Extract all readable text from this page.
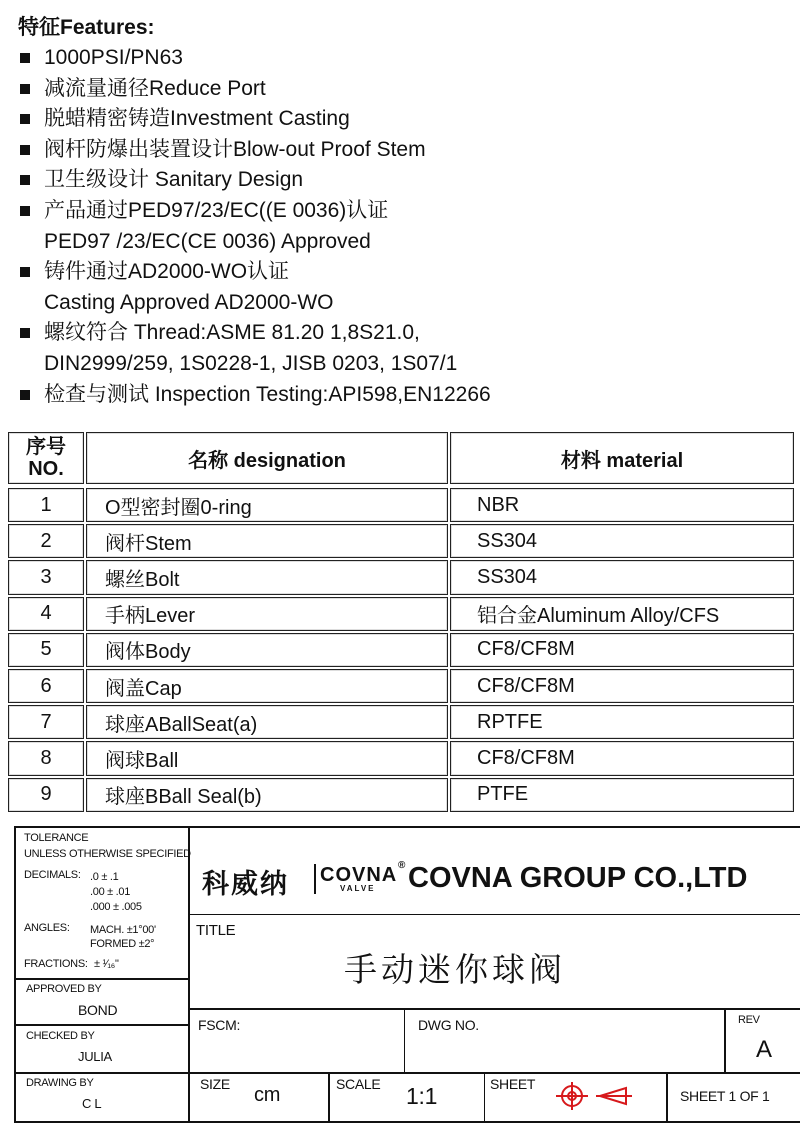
特征Features:
1000PSI/PN63
减流量通径Reduce Port
脱蜡精密铸造Investment Casting
阀杆防爆出装置设计Blow-out Proof Stem
卫生级设计 Sanitary Design
产品通过PED97/23/EC((E 0036)认证
PED97 /23/EC(CE 0036) Approved
铸件通过AD2000-WO认证
Casting Approved AD2000-WO
螺纹符合 Thread:ASME 81.20 1,8S21.0,
DIN2999/259, 1S0228-1, JISB 0203, 1S07/1
检查与测试 Inspection Testing:API598,EN12266
序号
NO.	名称 designation	材料 material
1	O型密封圈0-ring	NBR
2	阀杆Stem	SS304
3	螺丝Bolt	SS304
4	手柄Lever	铝合金Aluminum Alloy/CFS
5	阀体Body	CF8/CF8M
6	阀盖Cap	CF8/CF8M
7	球座ABallSeat(a)	RPTFE
8	阀球Ball	CF8/CF8M
9	球座BBall Seal(b)	PTFE
TOLERANCE
UNLESS OTHERWISE SPECIFIED
DECIMALS: .0 ± .1
.00 ± .01
.000 ± .005
ANGLES: MACH. ±1°00'
FORMED ±2°
FRACTIONS: ± ¹⁄₁₆"
APPROVED BY
BOND
CHECKED BY
JULIA
DRAWING BY
C L
科威纳 COVNA ®
VALVE COVNA GROUP CO.,LTD
TITLE
手动迷你球阀
FSCM:	DWG NO.	REV
A
SIZE cm	SCALE 1:1	SHEET
SHEET 1 OF 1
